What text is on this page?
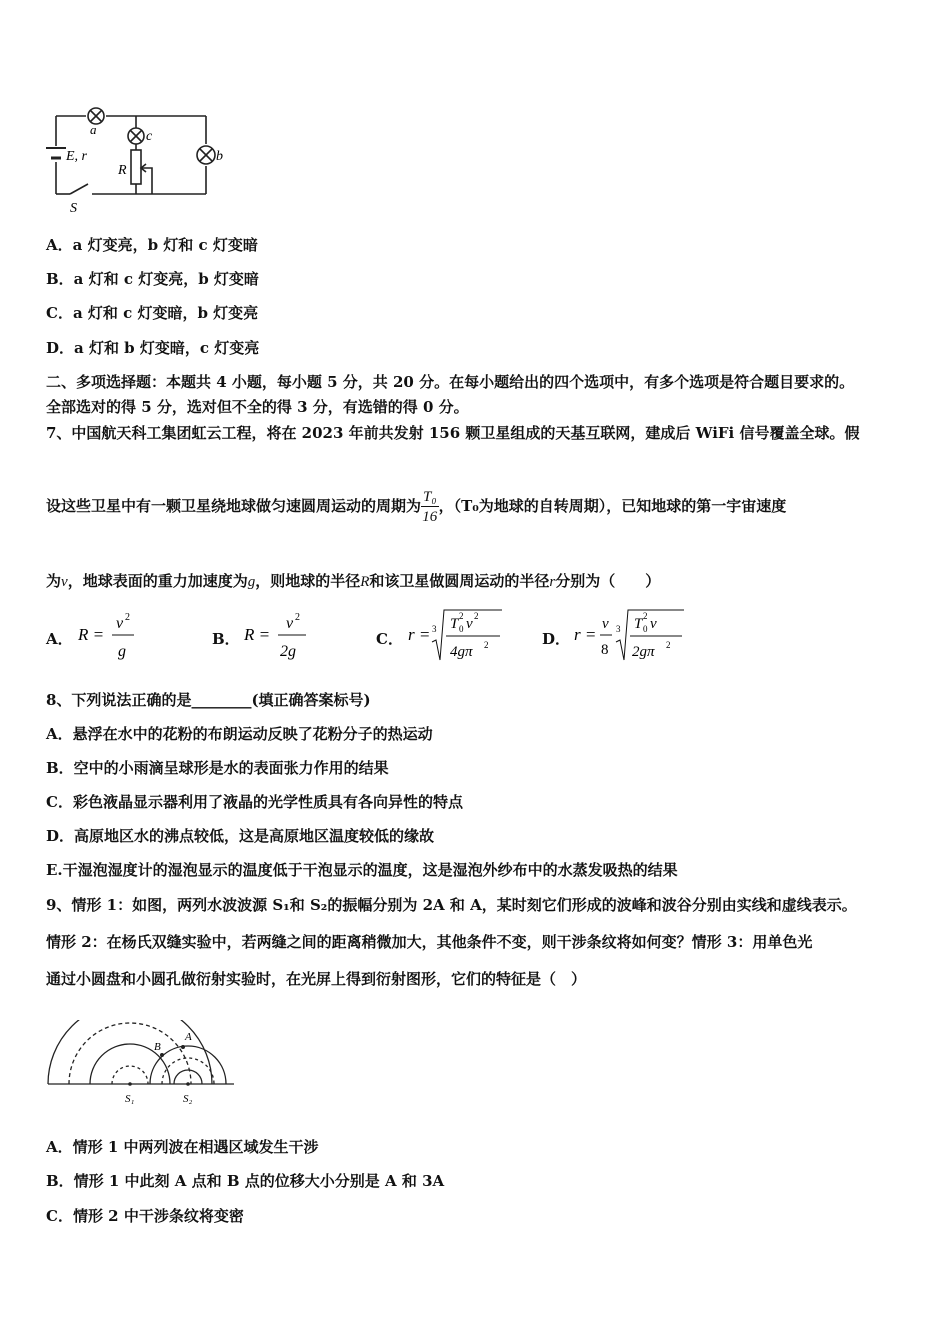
a	c
b
E, r
R
S
A．a 灯变亮，b 灯和 c 灯变暗
B．a 灯和 c 灯变亮，b 灯变暗
C．a 灯和 c 灯变暗，b 灯变亮
D．a 灯和 b 灯变暗，c 灯变亮
二、多项选择题：本题共 4 小题，每小题 5 分，共 20 分。在每小题给出的四个选项中，有多个选项是符合题目要求的。
全部选对的得 5 分，选对但不全的得 3 分，有选错的得 0 分。
7、中国航天科工集团虹云工程，将在 2023 年前共发射 156 颗卫星组成的天基互联网，建成后 WiFi 信号覆盖全球。假
设这些卫星中有一颗卫星绕地球做匀速圆周运动的周期为 $\frac{\text{T₀}}{16}$ ，（T₀为地球的自转周期），已知地球的第一宇宙速度
为v，地球表面的重力加速度为g，则地球的半径R和该卫星做圆周运动的半径r分别为（　　）
A． R =
v 2
g
B． R =
v 2
2g
C． r = 3 T 0
2 v 2
4gπ 2	D． r =
v
8
3 T 0
2 v
2gπ 2
8、下列说法正确的是________(填正确答案标号)
A．悬浮在水中的花粉的布朗运动反映了花粉分子的热运动
B．空中的小雨滴呈球形是水的表面张力作用的结果
C．彩色液晶显示器利用了液晶的光学性质具有各向异性的特点
D．高原地区水的沸点较低，这是高原地区温度较低的缘故
E.干湿泡湿度计的湿泡显示的温度低于干泡显示的温度，这是湿泡外纱布中的水蒸发吸热的结果
9、情形 1：如图，两列水波波源 S₁和 S₂的振幅分别为 2A 和 A，某时刻它们形成的波峰和波谷分别由实线和虚线表示。
情形 2：在杨氏双缝实验中，若两缝之间的距离稍微加大，其他条件不变，则干涉条纹将如何变？情形 3：用单色光
通过小圆盘和小圆孔做衍射实验时，在光屏上得到衍射图形，它们的特征是（　）
B
A
S₁	S₂
A．情形 1 中两列波在相遇区域发生干涉
B．情形 1 中此刻 A 点和 B 点的位移大小分别是 A 和 3A
C．情形 2 中干涉条纹将变密
